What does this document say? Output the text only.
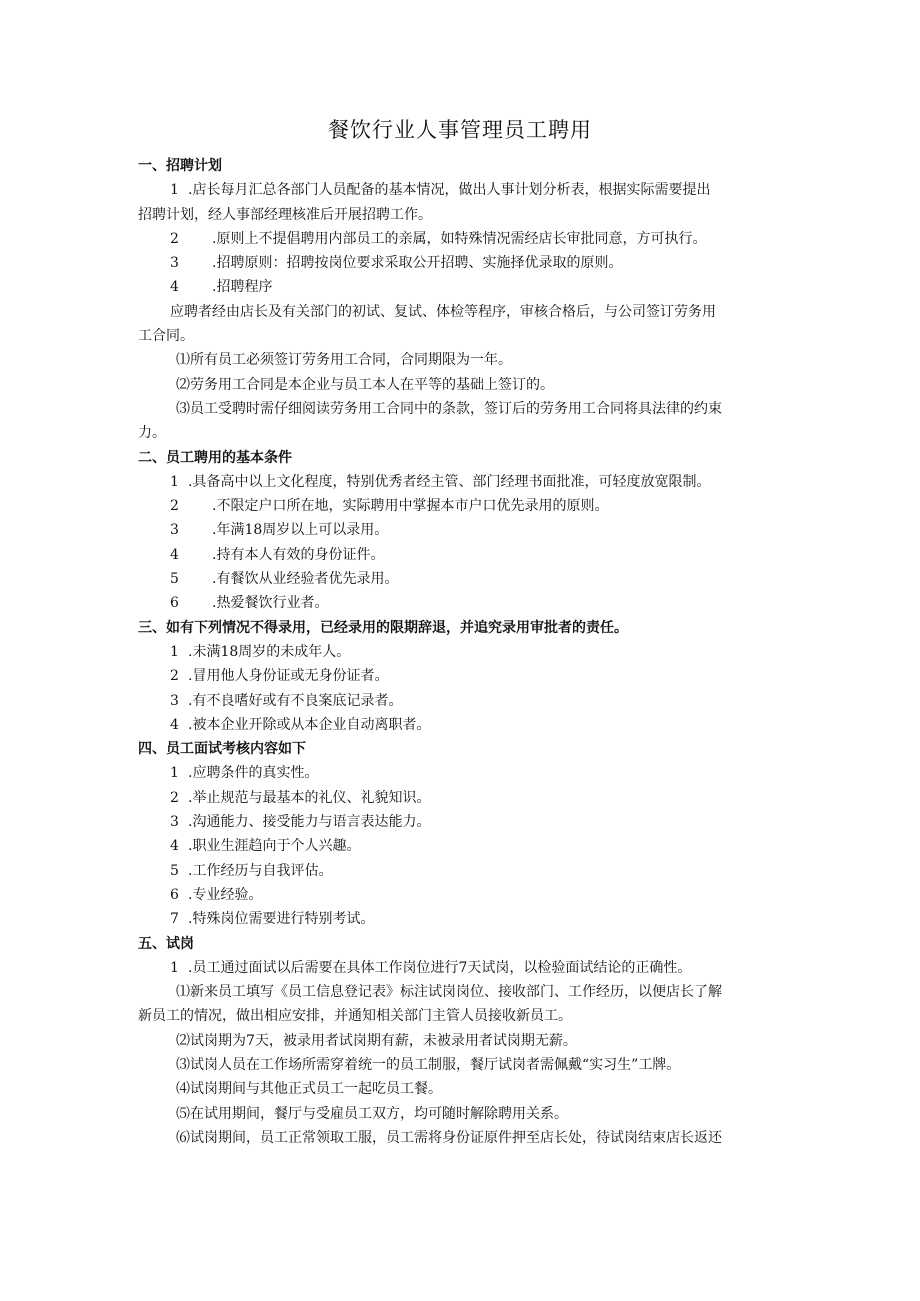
餐饮行业人事管理员工聘用
一、招聘计划
1 .店长每月汇总各部门人员配备的基本情况，做出人事计划分析表，根据实际需要提出
招聘计划，经人事部经理核准后开展招聘工作。
2 .原则上不提倡聘用内部员工的亲属，如特殊情况需经店长审批同意，方可执行。
3 .招聘原则：招聘按岗位要求采取公开招聘、实施择优录取的原则。
4 .招聘程序
应聘者经由店长及有关部门的初试、复试、体检等程序，审核合格后，与公司签订劳务用
工合同。
⑴所有员工必须签订劳务用工合同，合同期限为一年。
⑵劳务用工合同是本企业与员工本人在平等的基础上签订的。
⑶员工受聘时需仔细阅读劳务用工合同中的条款，签订后的劳务用工合同将具法律的约束
力。
二、员工聘用的基本条件
1 .具备高中以上文化程度，特别优秀者经主管、部门经理书面批准，可轻度放宽限制。
2 .不限定户口所在地，实际聘用中掌握本市户口优先录用的原则。
3 .年满18周岁以上可以录用。
4 .持有本人有效的身份证件。
5 .有餐饮从业经验者优先录用。
6 .热爱餐饮行业者。
三、如有下列情况不得录用，已经录用的限期辞退，并追究录用审批者的责任。
1 .未满18周岁的未成年人。
2 .冒用他人身份证或无身份证者。
3 .有不良嗜好或有不良案底记录者。
4 .被本企业开除或从本企业自动离职者。
四、员工面试考核内容如下
1 .应聘条件的真实性。
2 .举止规范与最基本的礼仪、礼貌知识。
3 .沟通能力、接受能力与语言表达能力。
4 .职业生涯趋向于个人兴趣。
5 .工作经历与自我评估。
6 .专业经验。
7 .特殊岗位需要进行特别考试。
五、试岗
1 .员工通过面试以后需要在具体工作岗位进行7天试岗，以检验面试结论的正确性。
⑴新来员工填写《员工信息登记表》标注试岗岗位、接收部门、工作经历，以便店长了解
新员工的情况，做出相应安排，并通知相关部门主管人员接收新员工。
⑵试岗期为7天，被录用者试岗期有薪，未被录用者试岗期无薪。
⑶试岗人员在工作场所需穿着统一的员工制服，餐厅试岗者需佩戴“实习生”工牌。
⑷试岗期间与其他正式员工一起吃员工餐。
⑸在试用期间，餐厅与受雇员工双方，均可随时解除聘用关系。
⑹试岗期间，员工正常领取工服，员工需将身份证原件押至店长处，待试岗结束店长返还
